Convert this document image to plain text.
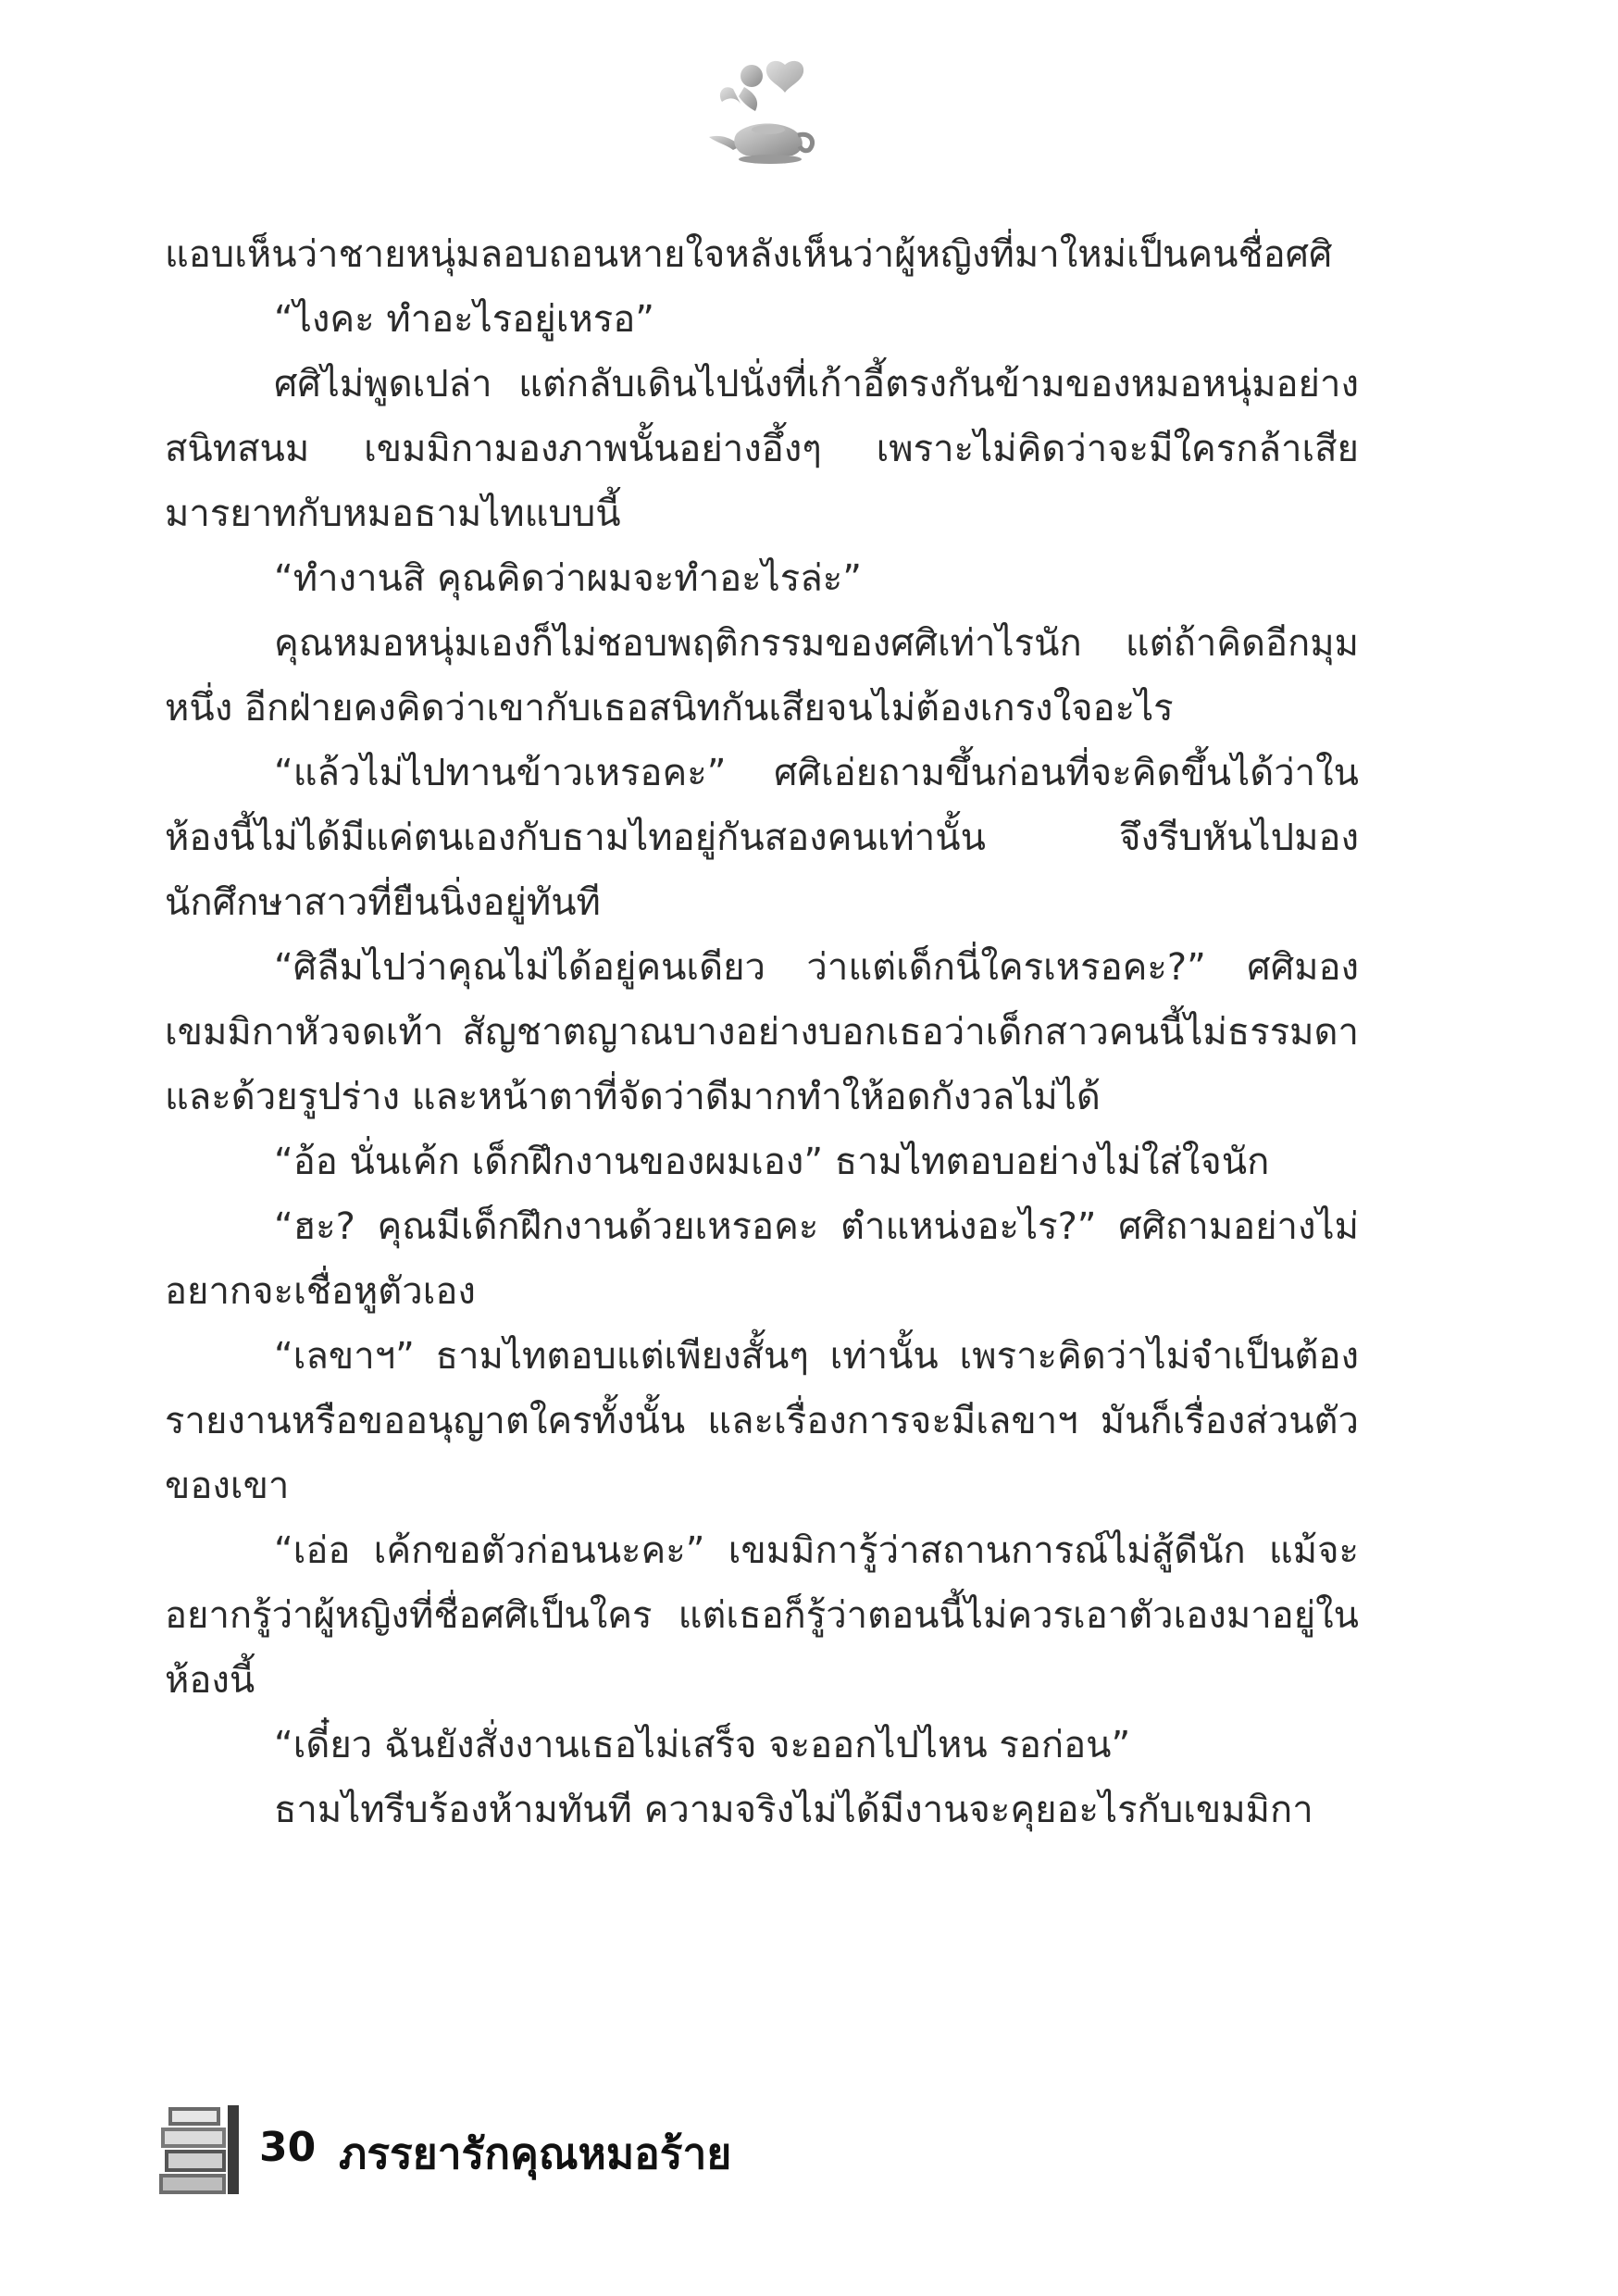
แอบเห็นว่าชายหนุ่มลอบถอนหายใจหลังเห็นว่าผู้หญิงที่มาใหม่เป็นคนชื่อศศิ

“ไงคะ ทำอะไรอยู่เหรอ”

ศศิไม่พูดเปล่า แต่กลับเดินไปนั่งที่เก้าอี้ตรงกันข้ามของหมอหนุ่มอย่างสนิทสนม เขมมิกามองภาพนั้นอย่างอึ้งๆ เพราะไม่คิดว่าจะมีใครกล้าเสียมารยาทกับหมอธามไทแบบนี้

“ทำงานสิ คุณคิดว่าผมจะทำอะไรล่ะ”

คุณหมอหนุ่มเองก็ไม่ชอบพฤติกรรมของศศิเท่าไรนัก แต่ถ้าคิดอีกมุมหนึ่ง อีกฝ่ายคงคิดว่าเขากับเธอสนิทกันเสียจนไม่ต้องเกรงใจอะไร

“แล้วไม่ไปทานข้าวเหรอคะ” ศศิเอ่ยถามขึ้นก่อนที่จะคิดขึ้นได้ว่าในห้องนี้ไม่ได้มีแค่ตนเองกับธามไทอยู่กันสองคนเท่านั้น จึงรีบหันไปมองนักศึกษาสาวที่ยืนนิ่งอยู่ทันที

“ศิลืมไปว่าคุณไม่ได้อยู่คนเดียว ว่าแต่เด็กนี่ใครเหรอคะ?” ศศิมองเขมมิกาหัวจดเท้า สัญชาตญาณบางอย่างบอกเธอว่าเด็กสาวคนนี้ไม่ธรรมดา และด้วยรูปร่าง และหน้าตาที่จัดว่าดีมากทำให้อดกังวลไม่ได้

“อ้อ นั่นเค้ก เด็กฝึกงานของผมเอง” ธามไทตอบอย่างไม่ใส่ใจนัก

“ฮะ? คุณมีเด็กฝึกงานด้วยเหรอคะ ตำแหน่งอะไร?” ศศิถามอย่างไม่อยากจะเชื่อหูตัวเอง

“เลขาฯ” ธามไทตอบแต่เพียงสั้นๆ เท่านั้น เพราะคิดว่าไม่จำเป็นต้องรายงานหรือขออนุญาตใครทั้งนั้น และเรื่องการจะมีเลขาฯ มันก็เรื่องส่วนตัวของเขา

“เอ่อ เค้กขอตัวก่อนนะคะ” เขมมิการู้ว่าสถานการณ์ไม่สู้ดีนัก แม้จะอยากรู้ว่าผู้หญิงที่ชื่อศศิเป็นใคร แต่เธอก็รู้ว่าตอนนี้ไม่ควรเอาตัวเองมาอยู่ในห้องนี้

“เดี๋ยว ฉันยังสั่งงานเธอไม่เสร็จ จะออกไปไหน รอก่อน”

ธามไทรีบร้องห้ามทันที ความจริงไม่ได้มีงานจะคุยอะไรกับเขมมิกา

30 ภรรยารักคุณหมอร้าย
